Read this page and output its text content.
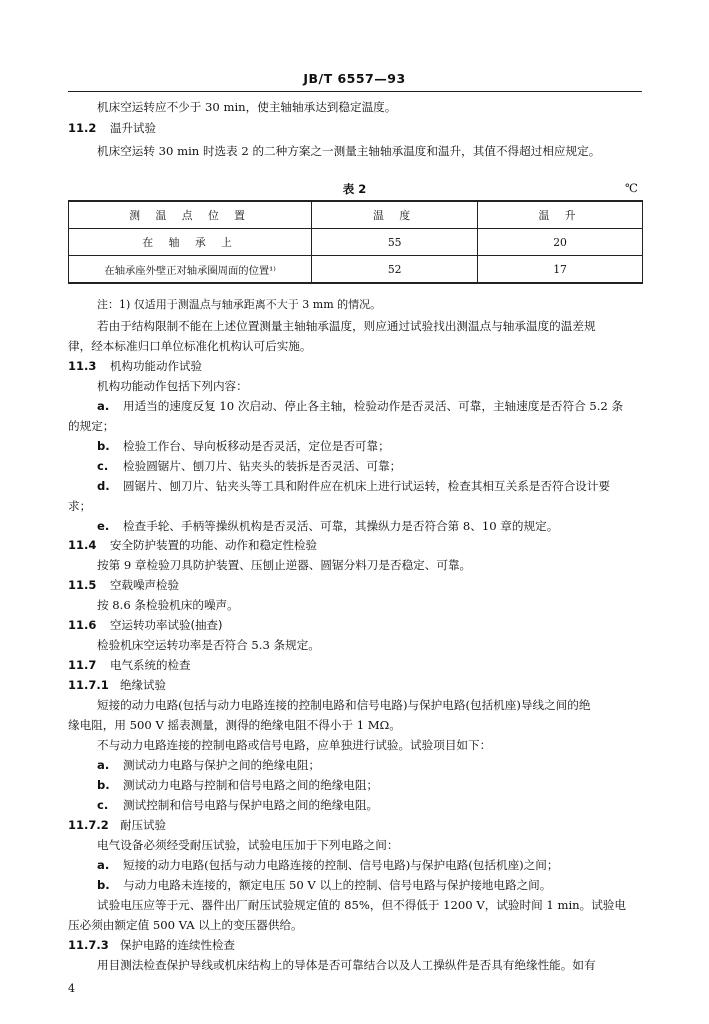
JB/T 6557—93
机床空运转应不少于 30 min，使主轴轴承达到稳定温度。
11.2 温升试验
机床空运转 30 min 时选表 2 的二种方案之一测量主轴轴承温度和温升，其值不得超过相应规定。
表 2	℃
测 温 点 位 置	温 度	温 升
在 轴 承 上	55	20
在轴承座外壁正对轴承圈周面的位置¹⁾	52	17
注：1) 仅适用于测温点与轴承距离不大于 3 mm 的情况。
若由于结构限制不能在上述位置测量主轴轴承温度，则应通过试验找出测温点与轴承温度的温差规
律，经本标准归口单位标准化机构认可后实施。
11.3 机构功能动作试验
机构功能动作包括下列内容：
a. 用适当的速度反复 10 次启动、停止各主轴，检验动作是否灵活、可靠，主轴速度是否符合 5.2 条
的规定；
b. 检验工作台、导向板移动是否灵活，定位是否可靠；
c. 检验圆锯片、刨刀片、钻夹头的装拆是否灵活、可靠；
d. 圆锯片、刨刀片、钻夹头等工具和附件应在机床上进行试运转，检查其相互关系是否符合设计要
求；
e. 检查手轮、手柄等操纵机构是否灵活、可靠，其操纵力是否符合第 8、10 章的规定。
11.4 安全防护装置的功能、动作和稳定性检验
按第 9 章检验刀具防护装置、压刨止逆器、圆锯分料刀是否稳定、可靠。
11.5 空载噪声检验
按 8.6 条检验机床的噪声。
11.6 空运转功率试验(抽查)
检验机床空运转功率是否符合 5.3 条规定。
11.7 电气系统的检查
11.7.1 绝缘试验
短接的动力电路(包括与动力电路连接的控制电路和信号电路)与保护电路(包括机座)导线之间的绝
缘电阻，用 500 V 摇表测量，测得的绝缘电阻不得小于 1 MΩ。
不与动力电路连接的控制电路或信号电路，应单独进行试验。试验项目如下：
a. 测试动力电路与保护之间的绝缘电阻；
b. 测试动力电路与控制和信号电路之间的绝缘电阻；
c. 测试控制和信号电路与保护电路之间的绝缘电阻。
11.7.2 耐压试验
电气设备必须经受耐压试验，试验电压加于下列电路之间：
a. 短接的动力电路(包括与动力电路连接的控制、信号电路)与保护电路(包括机座)之间；
b. 与动力电路未连接的，额定电压 50 V 以上的控制、信号电路与保护接地电路之间。
试验电压应等于元、器件出厂耐压试验规定值的 85%，但不得低于 1200 V，试验时间 1 min。试验电
压必须由额定值 500 VA 以上的变压器供给。
11.7.3 保护电路的连续性检查
用目测法检查保护导线或机床结构上的导体是否可靠结合以及人工操纵件是否具有绝缘性能。如有
4
